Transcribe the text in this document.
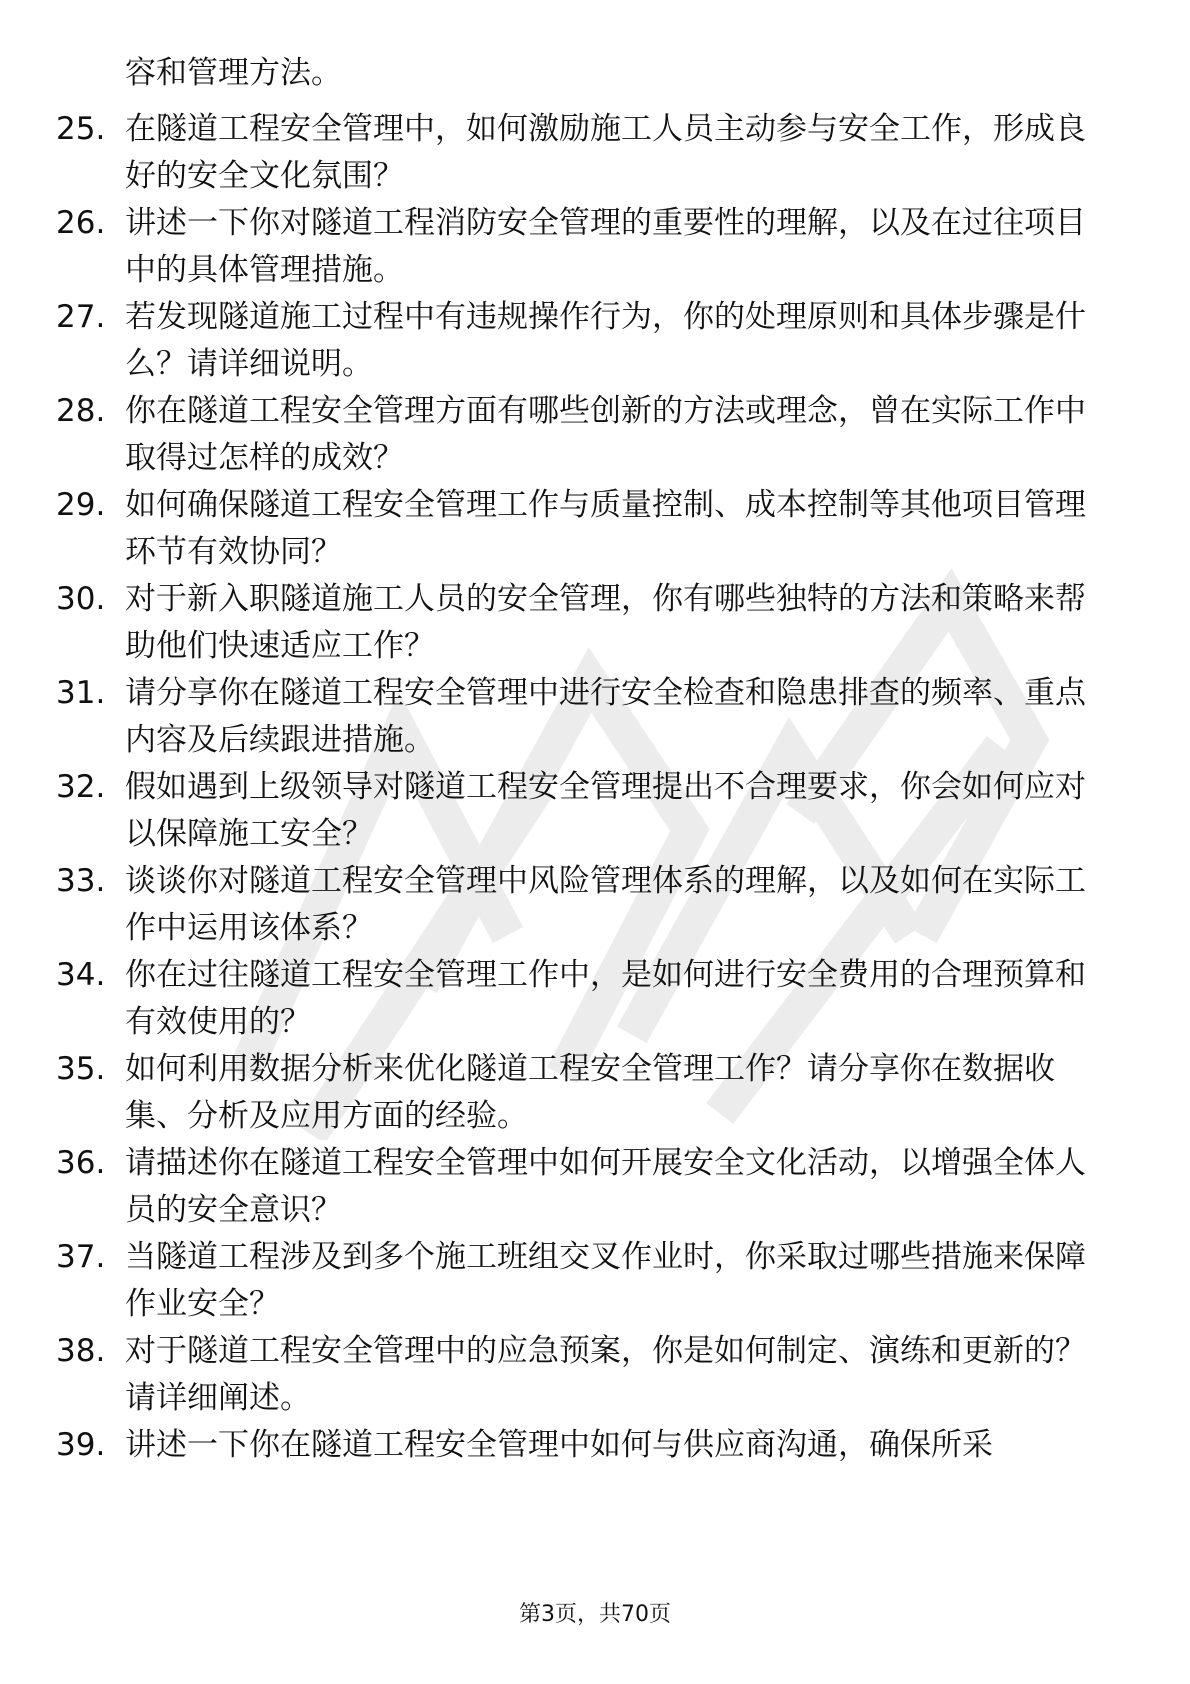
容和管理方法。

25. 在隧道工程安全管理中，如何激励施工人员主动参与安全工作，形成良好的安全文化氛围？

26. 讲述一下你对隧道工程消防安全管理的重要性的理解，以及在过往项目中的具体管理措施。

27. 若发现隧道施工过程中有违规操作行为，你的处理原则和具体步骤是什么？请详细说明。

28. 你在隧道工程安全管理方面有哪些创新的方法或理念，曾在实际工作中取得过怎样的成效？

29. 如何确保隧道工程安全管理工作与质量控制、成本控制等其他项目管理环节有效协同？

30. 对于新入职隧道施工人员的安全管理，你有哪些独特的方法和策略来帮助他们快速适应工作？

31. 请分享你在隧道工程安全管理中进行安全检查和隐患排查的频率、重点内容及后续跟进措施。

32. 假如遇到上级领导对隧道工程安全管理提出不合理要求，你会如何应对以保障施工安全？

33. 谈谈你对隧道工程安全管理中风险管理体系的理解，以及如何在实际工作中运用该体系？

34. 你在过往隧道工程安全管理工作中，是如何进行安全费用的合理预算和有效使用的？

35. 如何利用数据分析来优化隧道工程安全管理工作？请分享你在数据收集、分析及应用方面的经验。

36. 请描述你在隧道工程安全管理中如何开展安全文化活动，以增强全体人员的安全意识？

37. 当隧道工程涉及到多个施工班组交叉作业时，你采取过哪些措施来保障作业安全？

38. 对于隧道工程安全管理中的应急预案，你是如何制定、演练和更新的？请详细阐述。

39. 讲述一下你在隧道工程安全管理中如何与供应商沟通，确保所采

第3页，共70页
